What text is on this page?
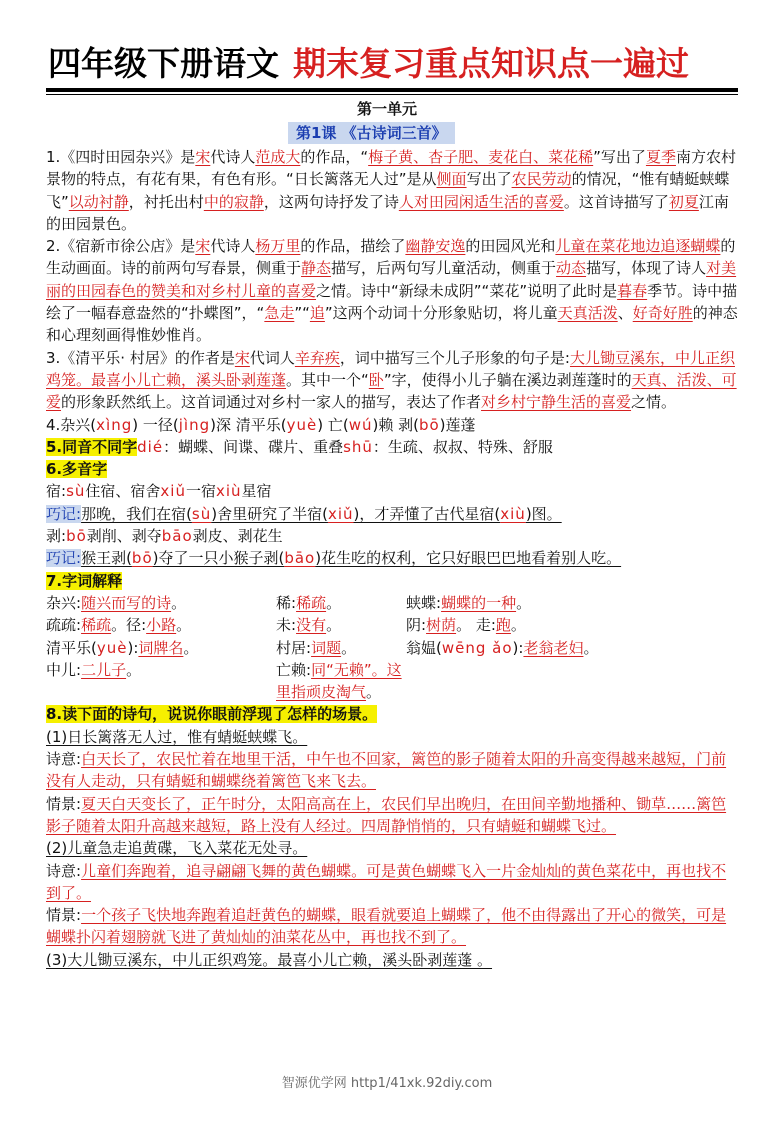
四年级下册语文 期末复习重点知识点一遍过
第一单元
第1课 《古诗词三首》

1.《四时田园杂兴》是宋代诗人范成大的作品，“梅子黄、杏子肥、麦花白、菜花稀”写出了夏季南方农村景物的特点，有花有果，有色有形。“日长篱落无人过”是从侧面写出了农民劳动的情况，“惟有蜻蜓蛱蝶飞”以动衬静，衬托出村中的寂静，这两句诗抒发了诗人对田园闲适生活的喜爱。这首诗描写了初夏江南的田园景色。

2.《宿新市徐公店》是宋代诗人杨万里的作品，描绘了幽静安逸的田园风光和儿童在菜花地边追逐蝴蝶的生动画面。诗的前两句写春景，侧重于静态描写，后两句写儿童活动，侧重于动态描写，体现了诗人对美丽的田园春色的赞美和对乡村儿童的喜爱之情。诗中“新绿未成阴”“菜花”说明了此时是暮春季节。诗中描绘了一幅春意盎然的“扑蝶图”，“急走”“追”这两个动词十分形象贴切，将儿童天真活泼、好奇好胜的神态和心理刻画得惟妙惟肖。

3.《清平乐· 村居》的作者是宋代词人辛弃疾，词中描写三个儿子形象的句子是:大儿锄豆溪东，中儿正织鸡笼。最喜小儿亡赖，溪头卧剥莲蓬。其中一个“卧”字，使得小儿子躺在溪边剥莲蓬时的天真、活泼、可爱的形象跃然纸上。这首词通过对乡村一家人的描写，表达了作者对乡村宁静生活的喜爱之情。

4.杂兴(xìng) 一径(jìng)深 清平乐(yuè) 亡(wú)赖 剥(bō)莲蓬

5.同音不同字dié：蝴蝶、间谍、碟片、重叠shū：生疏、叔叔、特殊、舒服

6.多音字

宿:sù住宿、宿舍xiǔ一宿xiù星宿

巧记:那晚，我们在宿(sù)舍里研究了半宿(xiǔ)，才弄懂了古代星宿(xiù)图。

剥:bō剥削、剥夺bāo剥皮、剥花生

巧记:猴王剥(bō)夺了一只小猴子剥(bāo)花生吃的权利，它只好眼巴巴地看着别人吃。

7.字词解释

杂兴:随兴而写的诗。	稀:稀疏。	蛱蝶:蝴蝶的一种。
疏疏:稀疏。径:小路。	未:没有。	阴:树荫。 走:跑。
清平乐(yuè):词牌名。	村居:词题。	翁媪(wēng ǎo):老翁老妇。
中儿:二儿子。	亡赖:同“无赖”。这里指顽皮淘气。

8.读下面的诗句，说说你眼前浮现了怎样的场景。

(1)日长篱落无人过，惟有蜻蜓蛱蝶飞。

诗意:白天长了，农民忙着在地里干活，中午也不回家，篱笆的影子随着太阳的升高变得越来越短，门前没有人走动，只有蜻蜓和蝴蝶绕着篱笆飞来飞去。

情景:夏天白天变长了，正午时分，太阳高高在上，农民们早出晚归，在田间辛勤地播种、锄草……篱笆影子随着太阳升高越来越短，路上没有人经过。四周静悄悄的，只有蜻蜓和蝴蝶飞过。

(2)儿童急走追黄碟，飞入菜花无处寻。

诗意:儿童们奔跑着，追寻翩翩飞舞的黄色蝴蝶。可是黄色蝴蝶飞入一片金灿灿的黄色菜花中，再也找不到了。

情景:一个孩子飞快地奔跑着追赶黄色的蝴蝶，眼看就要追上蝴蝶了，他不由得露出了开心的微笑，可是蝴蝶扑闪着翅膀就飞进了黄灿灿的油菜花丛中，再也找不到了。

(3)大儿锄豆溪东，中儿正织鸡笼。最喜小儿亡赖，溪头卧剥莲蓬 。

智源优学网 http1/41xk.92diy.com
